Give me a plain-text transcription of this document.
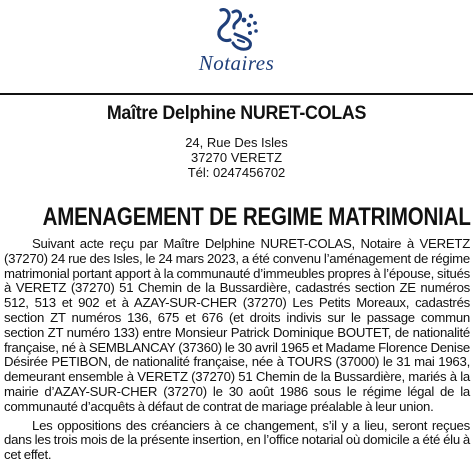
Notaires
Maître Delphine NURET-COLAS
24, Rue Des Isles
37270 VERETZ
Tél: 0247456702
AMENAGEMENT DE REGIME MATRIMONIAL

Suivant acte reçu par Maître Delphine NURET-COLAS, Notaire à VERETZ (37270) 24 rue des Isles, le 24 mars 2023, a été convenu l’aménagement de régime matrimonial portant apport à la communauté d’immeubles propres à l’épouse, situés à VERETZ (37270) 51 Chemin de la Bussardière, cadastrés section ZE numéros 512, 513 et 902 et à AZAY-SUR-CHER (37270) Les Petits Moreaux, cadastrés section ZT numéros 136, 675 et 676 (et droits indivis sur le passage commun section ZT numéro 133) entre Monsieur Patrick Dominique BOUTET, de nationalité française, né à SEMBLANCAY (37360) le 30 avril 1965 et Madame Florence Denise Désirée PETIBON, de nationalité française, née à TOURS (37000) le 31 mai 1963, demeurant ensemble à VERETZ (37270) 51 Chemin de la Bussardière, mariés à la mairie d’AZAY-SUR-CHER (37270) le 30 août 1986 sous le régime légal de la communauté d’acquêts à défaut de contrat de mariage préalable à leur union.

Les oppositions des créanciers à ce changement, s’il y a lieu, seront reçues dans les trois mois de la présente insertion, en l’office notarial où domicile a été élu à cet effet.
